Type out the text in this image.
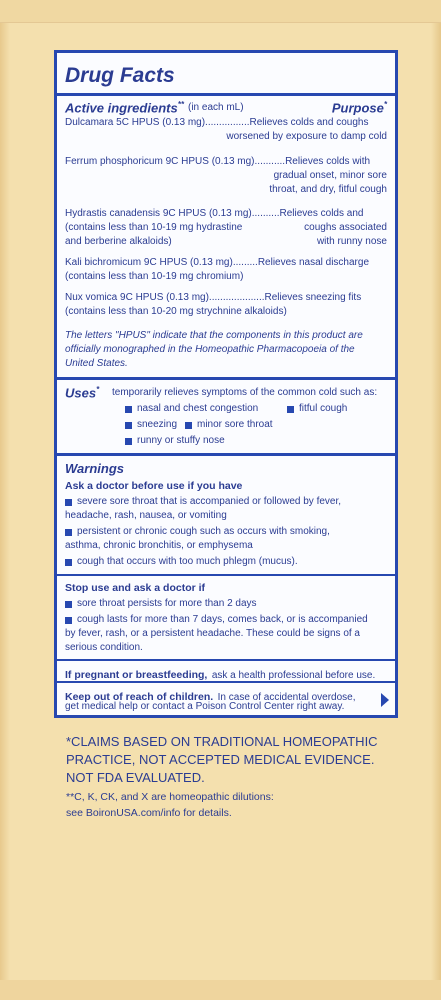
Drug Facts
Active ingredients** (in each mL)	Purpose*
Dulcamara 5C HPUS (0.13 mg)................Relieves colds and coughs
worsened by exposure to damp cold
Ferrum phosphoricum 9C HPUS (0.13 mg)...........Relieves colds with
gradual onset, minor sore
throat, and dry, fitful cough
Hydrastis canadensis 9C HPUS (0.13 mg)..........Relieves colds and
(contains less than 10-19 mg hydrastine	coughs associated
and berberine alkaloids)	with runny nose
Kali bichromicum 9C HPUS (0.13 mg).........Relieves nasal discharge
(contains less than 10-19 mg chromium)
Nux vomica 9C HPUS (0.13 mg)....................Relieves sneezing fits
(contains less than 10-20 mg strychnine alkaloids)
The letters "HPUS" indicate that the components in this product are
officially monographed in the Homeopathic Pharmacopoeia of the
United States.
Uses* temporarily relieves symptoms of the common cold such as:
nasal and chest congestion	fitful cough
sneezing minor sore throat
runny or stuffy nose
Warnings
Ask a doctor before use if you have
severe sore throat that is accompanied or followed by fever,
headache, rash, nausea, or vomiting
persistent or chronic cough such as occurs with smoking,
asthma, chronic bronchitis, or emphysema
cough that occurs with too much phlegm (mucus).
Stop use and ask a doctor if
sore throat persists for more than 2 days
cough lasts for more than 7 days, comes back, or is accompanied
by fever, rash, or a persistent headache. These could be signs of a
serious condition.
If pregnant or breastfeeding, ask a health professional before use.
Keep out of reach of children. In case of accidental overdose,
get medical help or contact a Poison Control Center right away.
*CLAIMS BASED ON TRADITIONAL HOMEOPATHIC
PRACTICE, NOT ACCEPTED MEDICAL EVIDENCE.
NOT FDA EVALUATED.
**C, K, CK, and X are homeopathic dilutions:
see BoironUSA.com/info for details.
